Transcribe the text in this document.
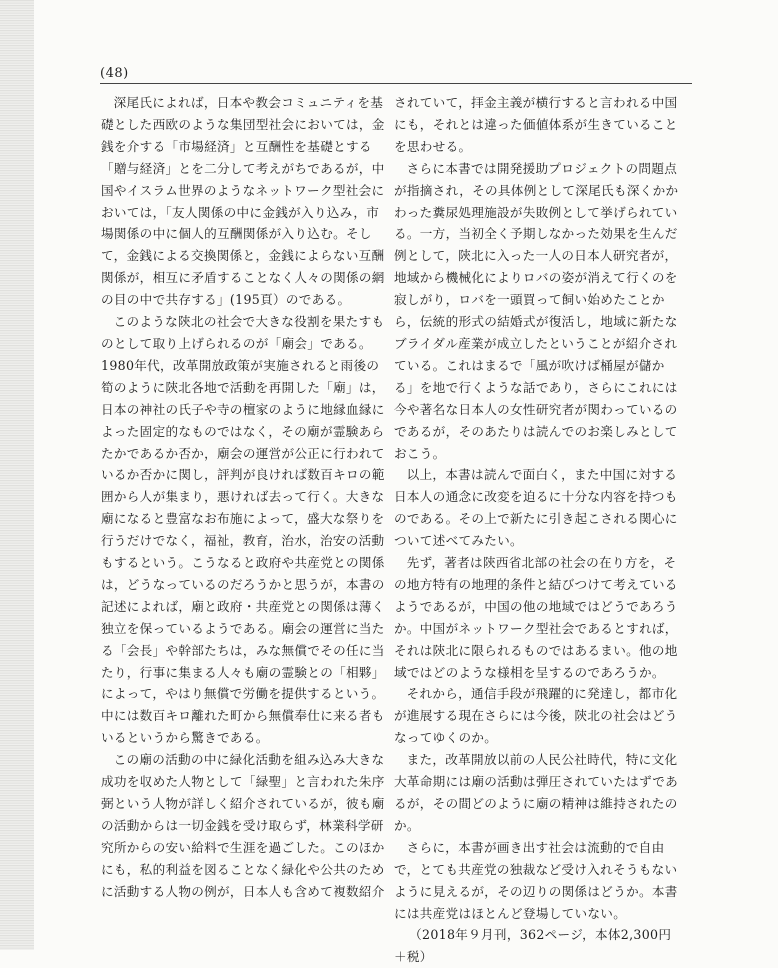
(48)

深尾氏によれば，日本や教会コミュニティを基礎とした西欧のような集団型社会においては，金銭を介する「市場経済」と互酬性を基礎とする「贈与経済」とを二分して考えがちであるが，中国やイスラム世界のようなネットワーク型社会においては，「友人関係の中に金銭が入り込み，市場関係の中に個人的互酬関係が入り込む。そして，金銭による交換関係と，金銭によらない互酬関係が，相互に矛盾することなく人々の関係の網の目の中で共存する」(195頁）のである。

このような陝北の社会で大きな役割を果たすものとして取り上げられるのが「廟会」である。1980年代，改革開放政策が実施されると雨後の筍のように陝北各地で活動を再開した「廟」は，日本の神社の氏子や寺の檀家のように地縁血縁によった固定的なものではなく，その廟が霊験あらたかであるか否か，廟会の運営が公正に行われているか否かに関し，評判が良ければ数百キロの範囲から人が集まり，悪ければ去って行く。大きな廟になると豊富なお布施によって，盛大な祭りを行うだけでなく，福祉，教育，治水，治安の活動もするという。こうなると政府や共産党との関係は，どうなっているのだろうかと思うが，本書の記述によれば，廟と政府・共産党との関係は薄く独立を保っているようである。廟会の運営に当たる「会長」や幹部たちは，みな無償でその任に当たり，行事に集まる人々も廟の霊験との「相夥」によって，やはり無償で労働を提供するという。中には数百キロ離れた町から無償奉仕に来る者もいるというから驚きである。

この廟の活動の中に緑化活動を組み込み大きな成功を収めた人物として「緑聖」と言われた朱序弼という人物が詳しく紹介されているが，彼も廟の活動からは一切金銭を受け取らず，林業科学研究所からの安い給料で生涯を過ごした。このほかにも，私的利益を図ることなく緑化や公共のために活動する人物の例が，日本人も含めて複数紹介

されていて，拝金主義が横行すると言われる中国にも，それとは違った価値体系が生きていることを思わせる。

さらに本書では開発援助プロジェクトの問題点が指摘され，その具体例として深尾氏も深くかかわった糞尿処理施設が失敗例として挙げられている。一方，当初全く予期しなかった効果を生んだ例として，陝北に入った一人の日本人研究者が，地域から機械化によりロバの姿が消えて行くのを寂しがり，ロバを一頭買って飼い始めたことから，伝統的形式の結婚式が復活し，地域に新たなブライダル産業が成立したということが紹介されている。これはまるで「風が吹けば桶屋が儲かる」を地で行くような話であり，さらにこれには今や著名な日本人の女性研究者が関わっているのであるが，そのあたりは読んでのお楽しみとしておこう。

以上，本書は読んで面白く，また中国に対する日本人の通念に改変を迫るに十分な内容を持つものである。その上で新たに引き起こされる関心について述べてみたい。

先ず，著者は陝西省北部の社会の在り方を，その地方特有の地理的条件と結びつけて考えているようであるが，中国の他の地域ではどうであろうか。中国がネットワーク型社会であるとすれば，それは陝北に限られるものではあるまい。他の地域ではどのような様相を呈するのであろうか。

それから，通信手段が飛躍的に発達し，都市化が進展する現在さらには今後，陝北の社会はどうなってゆくのか。

また，改革開放以前の人民公社時代，特に文化大革命期には廟の活動は弾圧されていたはずであるが，その間どのように廟の精神は維持されたのか。

さらに，本書が画き出す社会は流動的で自由で，とても共産党の独裁など受け入れそうもないように見えるが，その辺りの関係はどうか。本書には共産党はほとんど登場していない。

（2018年９月刊，362ページ，本体2,300円＋税）
